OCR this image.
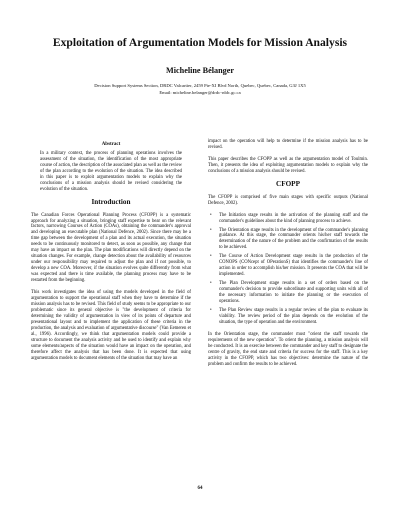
Exploitation of Argumentation Models for Mission Analysis
Micheline Bélanger
Decision Support Systems Section, DRDC Valcartier, 2459 Pie-XI Blvd North, Quebec, Quebec, Canada, G3J 1X5
Email: micheline.belanger@drdc-rddc.gc.ca
Abstract
In a military context, the process of planning operations involves the assessment of the situation, the identification of the most appropriate course of action, the description of the associated plan as well as the review of the plan according to the evolution of the situation. The idea described in this paper is to exploit argumentation models to explain why the conclusions of a mission analysis should be revised considering the evolution of the situation.
Introduction

The Canadian Forces Operational Planning Process (CFOPP) is a systematic approach for analyzing a situation, bringing staff expertise to bear on the relevant factors, narrowing Courses of Action (COAs), obtaining the commander's approval and developing an executable plan (National Defence, 2002). Since there may be a time gap between the development of a plan and its actual execution, the situation needs to be continuously monitored to detect, as soon as possible, any change that may have an impact on the plan. The plan modifications will directly depend on the situation changes. For example, change detection about the availability of resources under our responsibility may required to adjust the plan and if not possible, to develop a new COA. Moreover, if the situation evolves quite differently from what was expected and there is time available, the planning process may have to be restarted from the beginning.

This work investigates the idea of using the models developed in the field of argumentation to support the operational staff when they have to determine if the mission analysis has to be revised. This field of study seems to be appropriate to our problematic since its general objective is "the development of criteria for determining the validity of argumentation in view of its points of departure and presentational layout and to implement the application of these criteria in the production, the analysis and evaluation of argumentative discourse" (Van Eemeren et al., 1996). Accordingly, we think that argumentation models could provide a structure to document the analysis activity and be used to identify and explain why some elements/aspects of the situation would have an impact on the operation, and therefore affect the analysis that has been done. It is expected that using argumentation models to document elements of the situation that may have an

impact on the operation will help to determine if the mission analysis has to be revised.

This paper describes the CFOPP as well as the argumentation model of Toulmin. Then, it presents the idea of exploiting argumentation models to explain why the conclusions of a mission analysis should be revised.

CFOPP

The CFOPP is comprised of five main stages with specific outputs (National Defence, 2002).

• The Initiation stage results in the activation of the planning staff and the commander's guidelines about the kind of planning process to achieve.
• The Orientation stage results in the development of the commander's planning guidance. At this stage, the commander orients his/her staff towards the determination of the nature of the problem and the confirmation of the results to be achieved.
• The Course of Action Development stage results in the production of the CONOPS (CONcept of OPerationS) that identifies the commander's line of action in order to accomplish his/her mission. It presents the COA that will be implemented.
• The Plan Development stage results in a set of orders based on the commander's decision to provide subordinate and supporting units with all of the necessary information to initiate the planning or the execution of operations.
• The Plan Review stage results in a regular review of the plan to evaluate its viability. The review period of the plan depends on the evolution of the situation, the type of operation and the environment.

In the Orientation stage, the commander must "orient the staff towards the requirements of the new operation". To orient the planning, a mission analysis will be conducted. It is an exercise between the commander and key staff to designate the centre of gravity, the end state and criteria for success for the staff. This is a key activity in the CFOPP, which has two objectives: determine the nature of the problem and confirm the results to be achieved.

64
